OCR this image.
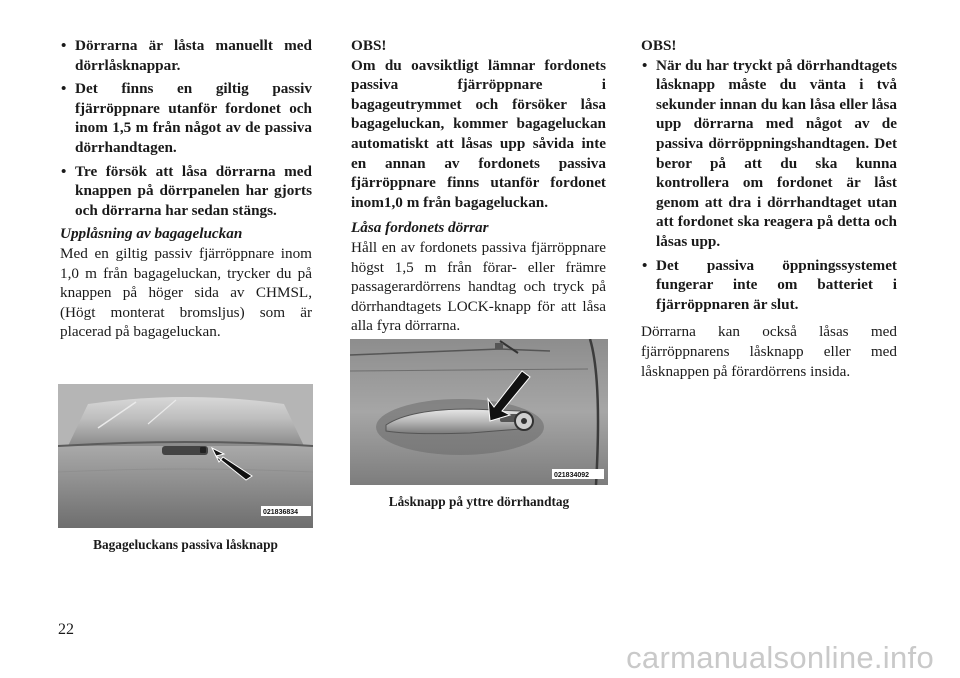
• Dörrarna är låsta manuellt med dörrlåsknappar.
• Det finns en giltig passiv fjärröppnare utanför fordonet och inom 1,5 m från något av de passiva dörrhandtagen.
• Tre försök att låsa dörrarna med knappen på dörrpanelen har gjorts och dörrarna har sedan stängs.

Upplåsning av bagageluckan

Med en giltig passiv fjärröppnare inom 1,0 m från bagageluckan, trycker du på knappen på höger sida av CHMSL, (Högt monterat bromsljus) som är placerad på bagageluckan.

021836834
Bagageluckans passiva låsknapp

OBS!

Om du oavsiktligt lämnar fordonets passiva fjärröppnare i bagageutrymmet och försöker låsa bagageluckan, kommer bagageluckan automatiskt att låsas upp såvida inte en annan av fordonets passiva fjärröppnare finns utanför fordonet inom1,0 m från bagageluckan.

Låsa fordonets dörrar

Håll en av fordonets passiva fjärröppnare högst 1,5 m från förar- eller främre passagerardörrens handtag och tryck på dörrhandtagets LOCK-knapp för att låsa alla fyra dörrarna.

021834092
Låsknapp på yttre dörrhandtag

OBS!

• När du har tryckt på dörrhandtagets låsknapp måste du vänta i två sekunder innan du kan låsa eller låsa upp dörrarna med något av de passiva dörröppningshandtagen. Det beror på att du ska kunna kontrollera om fordonet är låst genom att dra i dörrhandtaget utan att fordonet ska reagera på detta och låsas upp.
• Det passiva öppningssystemet fungerar inte om batteriet i fjärröppnaren är slut.

Dörrarna kan också låsas med fjärröppnarens låsknapp eller med låsknappen på förardörrens insida.

22
carmanualsonline.info
